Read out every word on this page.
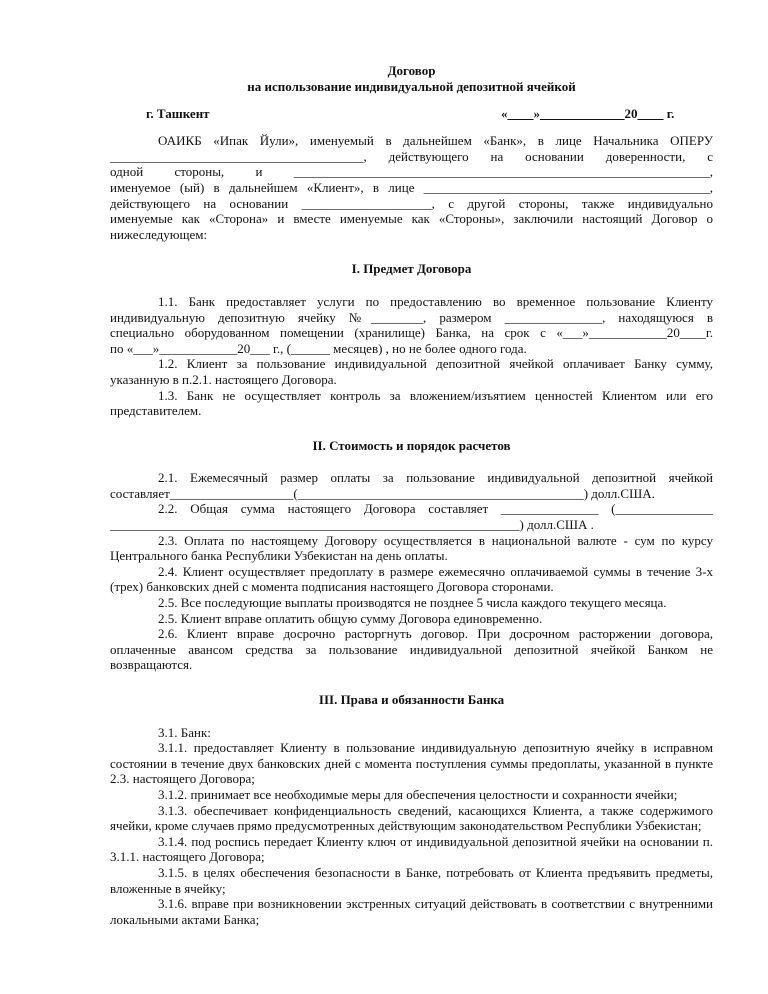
Договор
на использование индивидуальной депозитной ячейкой
г. Ташкент	«____»_____________20____ г.

ОАИКБ «Ипак Йули», именуемый в дальнейшем «Банк», в лице Начальника ОПЕРУ

_______________________________________, действующего на основании доверенности, с

одной стороны, и ________________________________________________________________,

именуемое (ый) в дальнейшем «Клиент», в лице ____________________________________________,

действующего на основании ____________________, с другой стороны, также индивидуально

именуемые как «Сторона» и вместе именуемые как «Стороны», заключили настоящий Договор о

нижеследующем:

I. Предмет Договора

1.1. Банк предоставляет услуги по предоставлению во временное пользование Клиенту

индивидуальную депозитную ячейку №________, размером _______________, находящуюся в

специально оборудованном помещении (хранилище) Банка, на срок с «___»____________20____г.

по «___»____________20___ г., (______ месяцев) , но не более одного года.

1.2. Клиент за пользование индивидуальной депозитной ячейкой оплачивает Банку сумму, указанную в п.2.1. настоящего Договора.

1.3. Банк не осуществляет контроль за вложением/изъятием ценностей Клиентом или его представителем.

II. Стоимость и порядок расчетов

2.1. Ежемесячный размер оплаты за пользование индивидуальной депозитной ячейкой

составляет___________________(____________________________________________) долл.США.

2.2. Общая сумма настоящего Договора составляет _______________ (_______________

_______________________________________________________________) долл.США .

2.3. Оплата по настоящему Договору осуществляется в национальной валюте - сум по курсу Центрального банка Республики Узбекистан на день оплаты.

2.4. Клиент осуществляет предоплату в размере ежемесячно оплачиваемой суммы в течение 3-х (трех) банковских дней с момента подписания настоящего Договора сторонами.

2.5. Все последующие выплаты производятся не позднее 5 числа каждого текущего месяца.

2.5. Клиент вправе оплатить общую сумму Договора единовременно.

2.6. Клиент вправе досрочно расторгнуть договор. При досрочном расторжении договора, оплаченные авансом средства за пользование индивидуальной депозитной ячейкой Банком не возвращаются.

III. Права и обязанности Банка

3.1. Банк:

3.1.1. предоставляет Клиенту в пользование индивидуальную депозитную ячейку в исправном состоянии в течение двух банковских дней с момента поступления суммы предоплаты, указанной в пункте 2.3. настоящего Договора;

3.1.2. принимает все необходимые меры для обеспечения целостности и сохранности ячейки;

3.1.3. обеспечивает конфиденциальность сведений, касающихся Клиента, а также содержимого ячейки, кроме случаев прямо предусмотренных действующим законодательством Республики Узбекистан;

3.1.4. под роспись передает Клиенту ключ от индивидуальной депозитной ячейки на основании п. 3.1.1. настоящего Договора;

3.1.5. в целях обеспечения безопасности в Банке, потребовать от Клиента предъявить предметы, вложенные в ячейку;

3.1.6. вправе при возникновении экстренных ситуаций действовать в соответствии с внутренними локальными актами Банка;
